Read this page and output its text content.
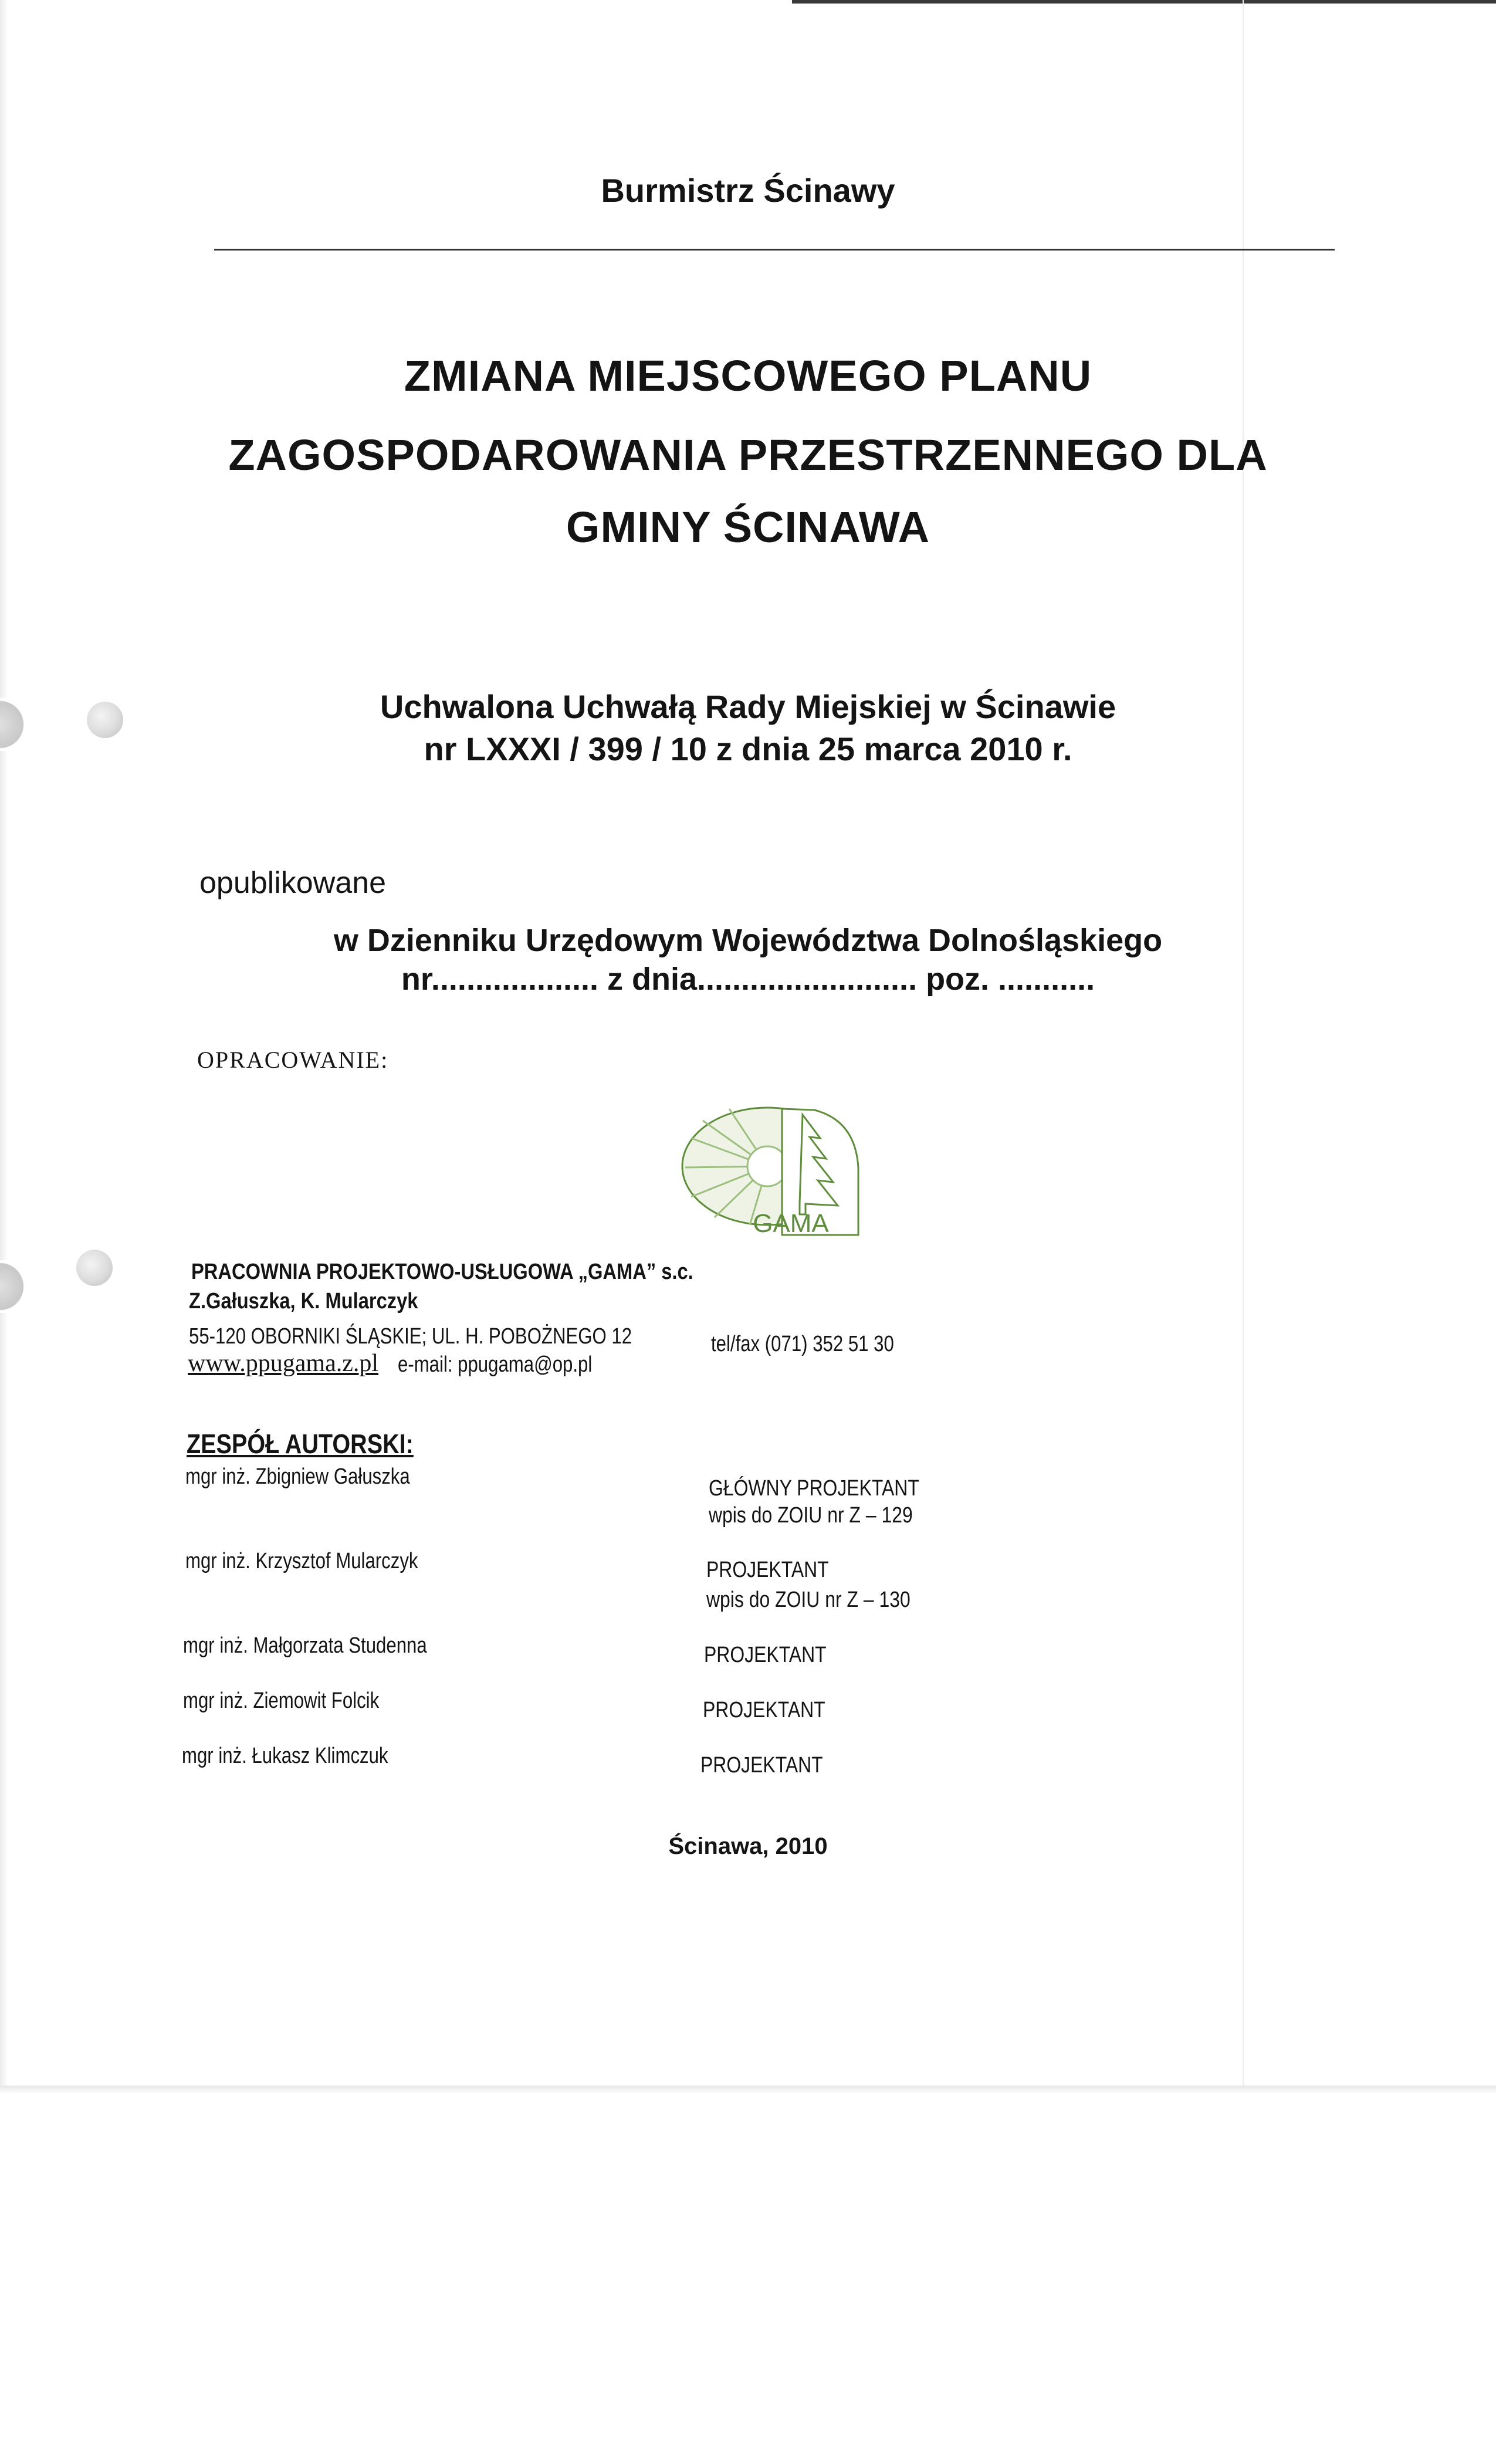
Burmistrz Ścinawy
ZMIANA MIEJSCOWEGO PLANU
ZAGOSPODAROWANIA PRZESTRZENNEGO DLA
GMINY ŚCINAWA
Uchwalona Uchwałą Rady Miejskiej w Ścinawie
nr LXXXI / 399 / 10 z dnia 25 marca 2010 r.
opublikowane
w Dzienniku Urzędowym Województwa Dolnośląskiego
nr................... z dnia......................... poz. ...........
OPRACOWANIE:
GAMA
PRACOWNIA PROJEKTOWO-USŁUGOWA „GAMA” s.c.
Z.Gałuszka, K. Mularczyk
55-120 OBORNIKI ŚLĄSKIE; UL. H. POBOŻNEGO 12	tel/fax (071) 352 51 30
www.ppugama.z.pl e-mail: ppugama@op.pl
ZESPÓŁ AUTORSKI:
mgr inż. Zbigniew Gałuszka	GŁÓWNY PROJEKTANT
wpis do ZOIU nr Z – 129
mgr inż. Krzysztof Mularczyk	PROJEKTANT
wpis do ZOIU nr Z – 130
mgr inż. Małgorzata Studenna	PROJEKTANT
mgr inż. Ziemowit Folcik	PROJEKTANT
mgr inż. Łukasz Klimczuk	PROJEKTANT
Ścinawa, 2010
